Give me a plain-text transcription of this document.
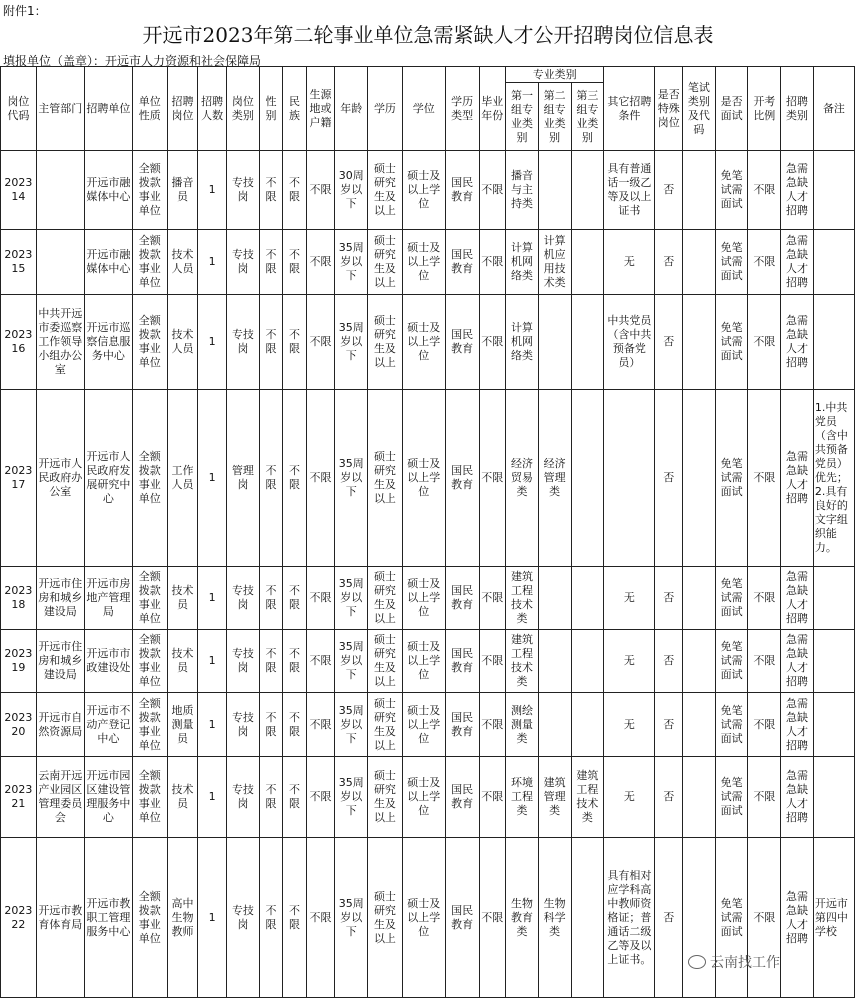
附件1：
开远市2023年第二轮事业单位急需紧缺人才公开招聘岗位信息表
填报单位（盖章）：开远市人力资源和社会保障局
岗位代码	主管部门	招聘单位	单位性质	招聘岗位	招聘人数	岗位类别	性别	民族	生源地或户籍	年龄	学历	学位	学历类型	毕业年份	专业类别			其它招聘条件	是否特殊岗位	笔试类别及代码	是否面试	开考比例	招聘类别	备注
															第一组专业类别	第二组专业类别	第三组专业类别							
202314		开远市融媒体中心	全额拨款事业单位	播音员	1	专技岗	不限	不限	不限	30周岁以下	硕士研究生及以上	硕士及以上学位	国民教育	不限	播音与主持类			具有普通话一级乙等及以上证书	否		免笔试需面试	不限	急需急缺人才招聘	
202315		开远市融媒体中心	全额拨款事业单位	技术人员	1	专技岗	不限	不限	不限	35周岁以下	硕士研究生及以上	硕士及以上学位	国民教育	不限	计算机网络类	计算机应用技术类		无	否		免笔试需面试	不限	急需急缺人才招聘	
202316	中共开远市委巡察工作领导小组办公室	开远市巡察信息服务中心	全额拨款事业单位	技术人员	1	专技岗	不限	不限	不限	35周岁以下	硕士研究生及以上	硕士及以上学位	国民教育	不限	计算机网络类			中共党员（含中共预备党员）	否		免笔试需面试	不限	急需急缺人才招聘	
202317	开远市人民政府办公室	开远市人民政府发展研究中心	全额拨款事业单位	工作人员	1	管理岗	不限	不限	不限	35周岁以下	硕士研究生及以上	硕士及以上学位	国民教育	不限	经济贸易类	经济管理类			否		免笔试需面试	不限	急需急缺人才招聘	1.中共党员（含中共预备党员）优先；2.具有良好的文字组织能力。
202318	开远市住房和城乡建设局	开远市房地产管理局	全额拨款事业单位	技术员	1	专技岗	不限	不限	不限	35周岁以下	硕士研究生及以上	硕士及以上学位	国民教育	不限	建筑工程技术类			无	否		免笔试需面试	不限	急需急缺人才招聘	
202319	开远市住房和城乡建设局	开远市市政建设处	全额拨款事业单位	技术员	1	专技岗	不限	不限	不限	35周岁以下	硕士研究生及以上	硕士及以上学位	国民教育	不限	建筑工程技术类			无	否		免笔试需面试	不限	急需急缺人才招聘	
202320	开远市自然资源局	开远市不动产登记中心	全额拨款事业单位	地质测量员	1	专技岗	不限	不限	不限	35周岁以下	硕士研究生及以上	硕士及以上学位	国民教育	不限	测绘测量类			无	否		免笔试需面试	不限	急需急缺人才招聘	
202321	云南开远产业园区管理委员会	开远市园区建设管理服务中心	全额拨款事业单位	技术员	1	专技岗	不限	不限	不限	35周岁以下	硕士研究生及以上	硕士及以上学位	国民教育	不限	环境工程类	建筑管理类	建筑工程技术类	无	否		免笔试需面试	不限	急需急缺人才招聘	
202322	开远市教育体育局	开远市教职工管理服务中心	全额拨款事业单位	高中生物教师	1	专技岗	不限	不限	不限	35周岁以下	硕士研究生及以上	硕士及以上学位	国民教育	不限	生物教育类	生物科学类		具有相对应学科高中教师资格证；普通话二级乙等及以上证书。	否		免笔试需面试	不限	急需急缺人才招聘	开远市第四中学校
云南找工作
